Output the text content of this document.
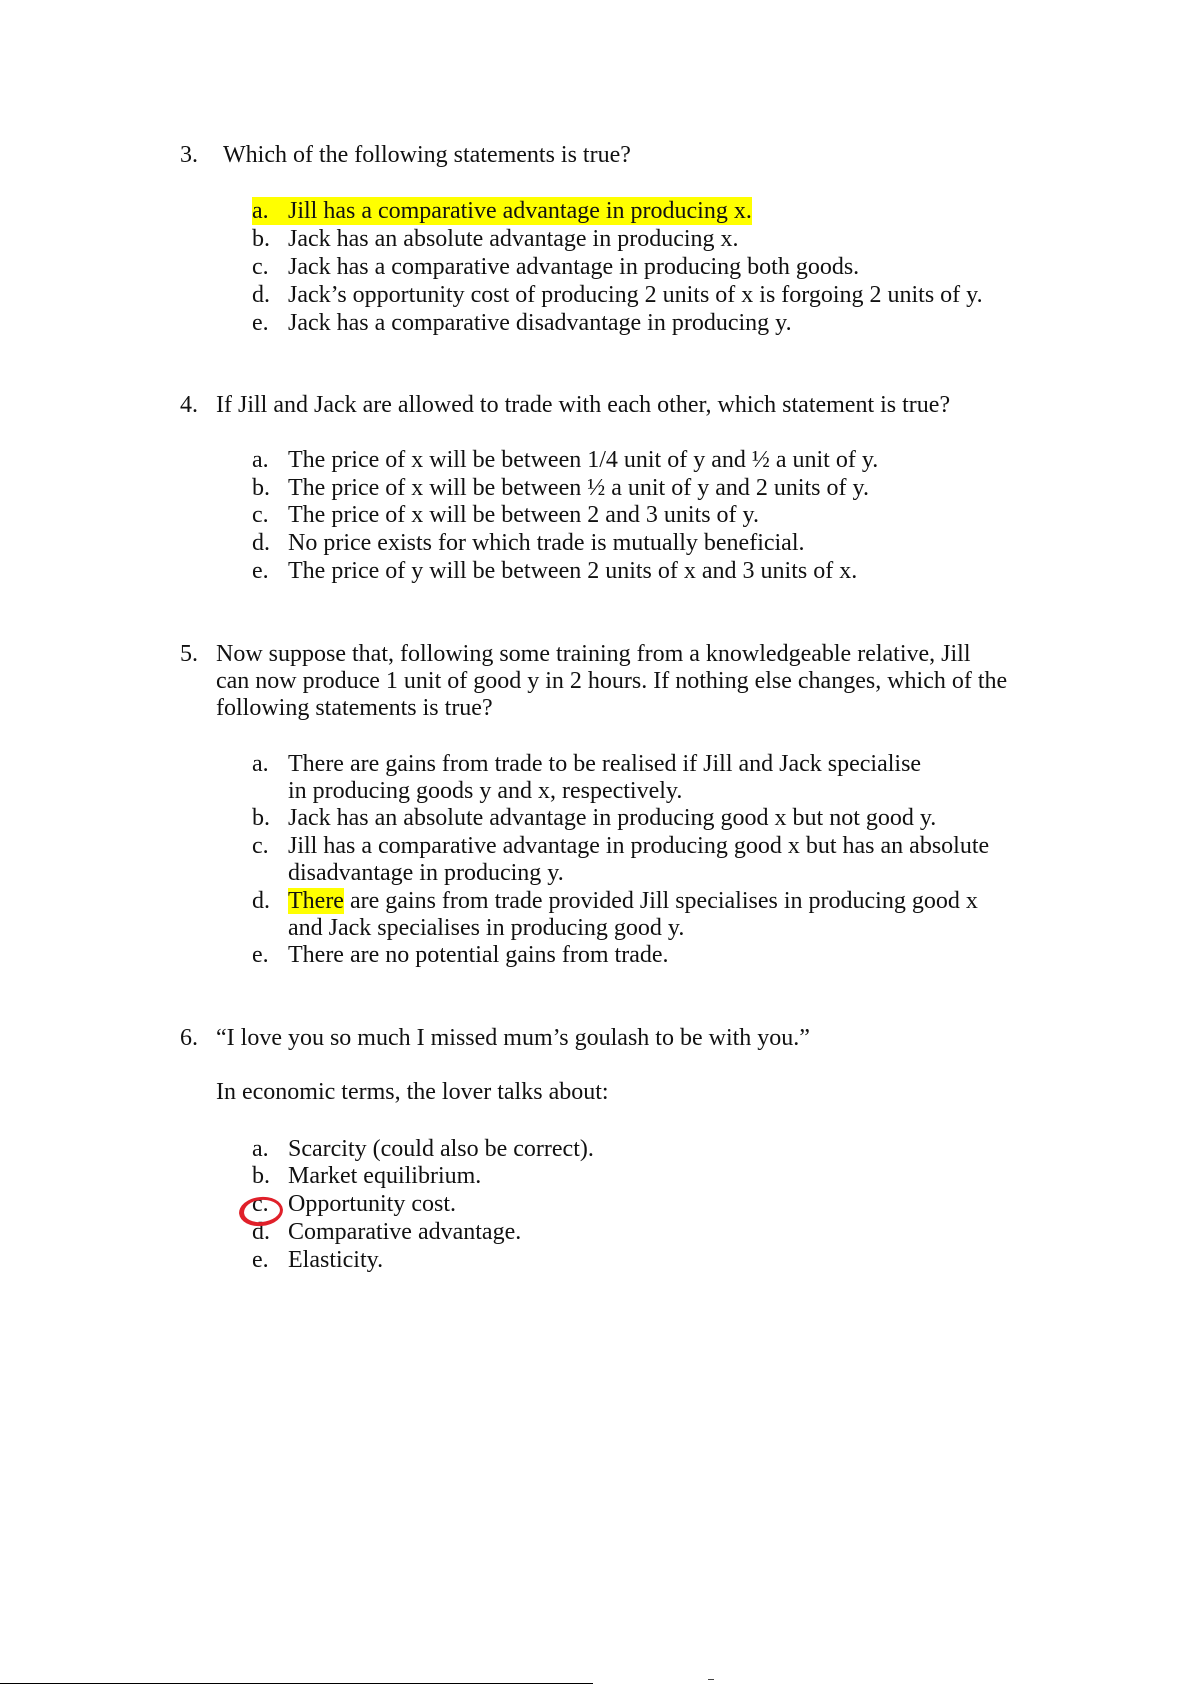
3. Which of the following statements is true?
a. Jill has a comparative advantage in producing x.
b. Jack has an absolute advantage in producing x.
c. Jack has a comparative advantage in producing both goods.
d. Jack’s opportunity cost of producing 2 units of x is forgoing 2 units of y.
e. Jack has a comparative disadvantage in producing y.
4. If Jill and Jack are allowed to trade with each other, which statement is true?
a. The price of x will be between 1/4 unit of y and ½ a unit of y.
b. The price of x will be between ½ a unit of y and 2 units of y.
c. The price of x will be between 2 and 3 units of y.
d. No price exists for which trade is mutually beneficial.
e. The price of y will be between 2 units of x and 3 units of x.
5. Now suppose that, following some training from a knowledgeable relative, Jill
can now produce 1 unit of good y in 2 hours. If nothing else changes, which of the
following statements is true?
a. There are gains from trade to be realised if Jill and Jack specialise
in producing goods y and x, respectively.
b. Jack has an absolute advantage in producing good x but not good y.
c. Jill has a comparative advantage in producing good x but has an absolute
disadvantage in producing y.
d. There are gains from trade provided Jill specialises in producing good x
and Jack specialises in producing good y.
e. There are no potential gains from trade.
6. “I love you so much I missed mum’s goulash to be with you.”
In economic terms, the lover talks about:
a. Scarcity (could also be correct).
b. Market equilibrium.
c. Opportunity cost.
d. Comparative advantage.
e. Elasticity.
